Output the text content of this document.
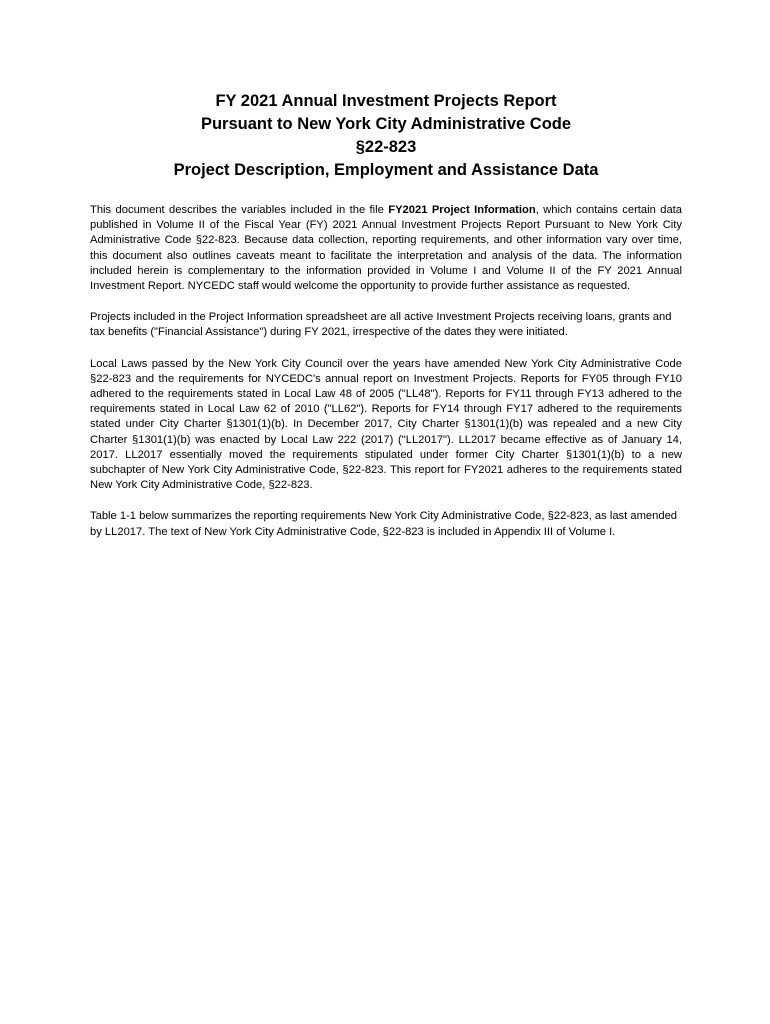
FY 2021 Annual Investment Projects Report
Pursuant to New York City Administrative Code
§22-823
Project Description, Employment and Assistance Data

This document describes the variables included in the file FY2021 Project Information, which contains certain data published in Volume II of the Fiscal Year (FY) 2021 Annual Investment Projects Report Pursuant to New York City Administrative Code §22-823. Because data collection, reporting requirements, and other information vary over time, this document also outlines caveats meant to facilitate the interpretation and analysis of the data. The information included herein is complementary to the information provided in Volume I and Volume II of the FY 2021 Annual Investment Report. NYCEDC staff would welcome the opportunity to provide further assistance as requested.

Projects included in the Project Information spreadsheet are all active Investment Projects receiving loans, grants and tax benefits ("Financial Assistance") during FY 2021, irrespective of the dates they were initiated.

Local Laws passed by the New York City Council over the years have amended New York City Administrative Code §22-823 and the requirements for NYCEDC's annual report on Investment Projects. Reports for FY05 through FY10 adhered to the requirements stated in Local Law 48 of 2005 ("LL48"). Reports for FY11 through FY13 adhered to the requirements stated in Local Law 62 of 2010 ("LL62"). Reports for FY14 through FY17 adhered to the requirements stated under City Charter §1301(1)(b). In December 2017, City Charter §1301(1)(b) was repealed and a new City Charter §1301(1)(b) was enacted by Local Law 222 (2017) ("LL2017"). LL2017 became effective as of January 14, 2017. LL2017 essentially moved the requirements stipulated under former City Charter §1301(1)(b) to a new subchapter of New York City Administrative Code, §22-823. This report for FY2021 adheres to the requirements stated New York City Administrative Code, §22-823.

Table 1-1 below summarizes the reporting requirements New York City Administrative Code, §22-823, as last amended by LL2017. The text of New York City Administrative Code, §22-823 is included in Appendix III of Volume I.
